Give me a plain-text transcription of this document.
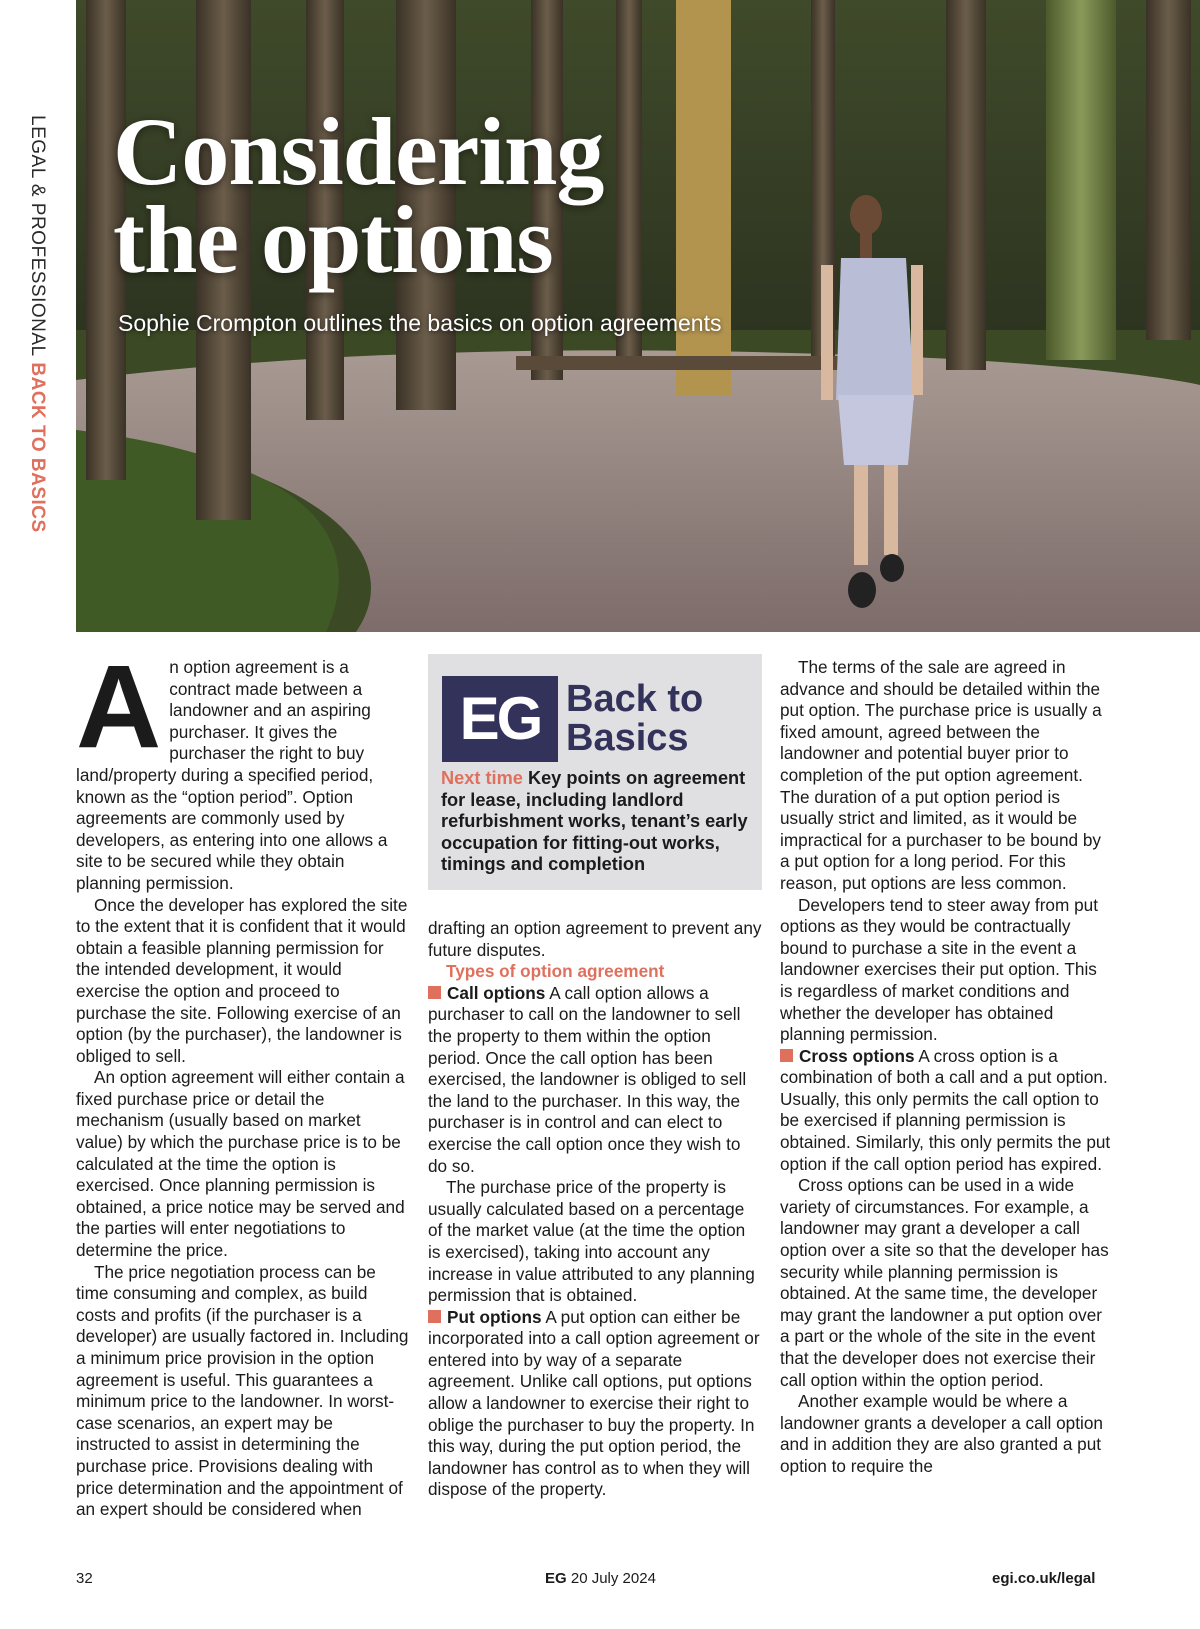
LEGAL & PROFESSIONAL BACK TO BASICS
Considering
the options

Sophie Crompton outlines the basics on option agreements

An option agreement is a contract made between a landowner and an aspiring purchaser. It gives the purchaser the right to buy land/property during a specified period, known as the “option period”. Option agreements are commonly used by developers, as entering into one allows a site to be secured while they obtain planning permission.

Once the developer has explored the site to the extent that it is confident that it would obtain a feasible planning permission for the intended development, it would exercise the option and proceed to purchase the site. Following exercise of an option (by the purchaser), the landowner is obliged to sell.

An option agreement will either contain a fixed purchase price or detail the mechanism (usually based on market value) by which the purchase price is to be calculated at the time the option is exercised. Once planning permission is obtained, a price notice may be served and the parties will enter negotiations to determine the price.

The price negotiation process can be time consuming and complex, as build costs and profits (if the purchaser is a developer) are usually factored in. Including a minimum price provision in the option agreement is useful. This guarantees a minimum price to the landowner. In worst-case scenarios, an expert may be instructed to assist in determining the purchase price. Provisions dealing with price determination and the appointment of an expert should be considered when

EG Back to
Basics

Next time Key points on agreement for lease, including landlord refurbishment works, tenant’s early occupation for fitting-out works, timings and completion

drafting an option agreement to prevent any future disputes.

Types of option agreement

Call options A call option allows a purchaser to call on the landowner to sell the property to them within the option period. Once the call option has been exercised, the landowner is obliged to sell the land to the purchaser. In this way, the purchaser is in control and can elect to exercise the call option once they wish to do so.

The purchase price of the property is usually calculated based on a percentage of the market value (at the time the option is exercised), taking into account any increase in value attributed to any planning permission that is obtained.

Put options A put option can either be incorporated into a call option agreement or entered into by way of a separate agreement. Unlike call options, put options allow a landowner to exercise their right to oblige the purchaser to buy the property. In this way, during the put option period, the landowner has control as to when they will dispose of the property.

The terms of the sale are agreed in advance and should be detailed within the put option. The purchase price is usually a fixed amount, agreed between the landowner and potential buyer prior to completion of the put option agreement. The duration of a put option period is usually strict and limited, as it would be impractical for a purchaser to be bound by a put option for a long period. For this reason, put options are less common.

Developers tend to steer away from put options as they would be contractually bound to purchase a site in the event a landowner exercises their put option. This is regardless of market conditions and whether the developer has obtained planning permission.

Cross options A cross option is a combination of both a call and a put option. Usually, this only permits the call option to be exercised if planning permission is obtained. Similarly, this only permits the put option if the call option period has expired.

Cross options can be used in a wide variety of circumstances. For example, a landowner may grant a developer a call option over a site so that the developer has security while planning permission is obtained. At the same time, the developer may grant the landowner a put option over a part or the whole of the site in the event that the developer does not exercise their call option within the option period.

Another example would be where a landowner grants a developer a call option and in addition they are also granted a put option to require the

32	EG 20 July 2024	egi.co.uk/legal
